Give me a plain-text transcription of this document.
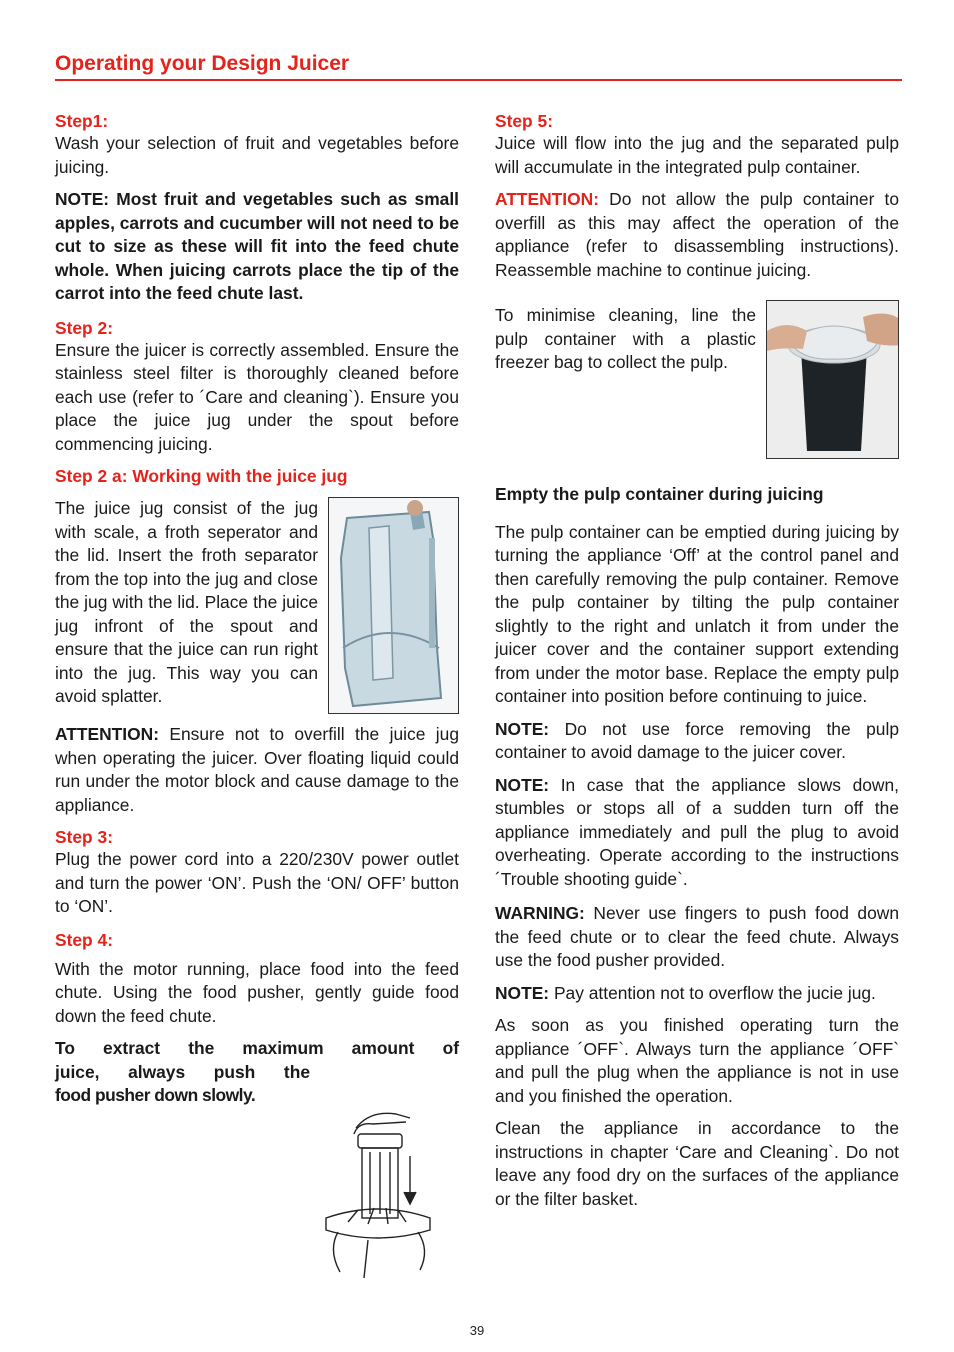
Operating your Design Juicer
Step1:
Wash your selection of fruit and vegetables before juicing.
NOTE: Most fruit and vegetables such as small apples, carrots and cucumber will not need to be cut to size as these will fit into the feed chute whole. When juicing carrots place the tip of the carrot into the feed chute last.
Step 2:
Ensure the juicer is correctly assembled. Ensure the stainless steel filter is thoroughly cleaned before each use (refer to ´Care and cleaning`). Ensure you place the juice jug under the spout before commencing juicing.
Step 2 a: Working with the juice jug
The juice jug consist of the jug with scale, a froth seperator and the lid. Insert the froth separator from the top into the jug and close the jug with the lid. Place the juice jug infront of the spout and ensure that the juice can run right into the jug. This way you can avoid splatter.
ATTENTION: Ensure not to overfill the juice jug when operating the juicer. Over floating liquid could run under the motor block and cause damage to the appliance.
Step 3:
Plug the power cord into a 220/230V power outlet and turn the power ‘ON’. Push the ‘ON/ OFF’ button to ‘ON’.
Step 4:
With the motor running, place food into the feed chute. Using the food pusher, gently guide food down the feed chute.
To extract the maximum amount of
juice, always push the
food pusher down slowly.
Step 5:
Juice will flow into the jug and the separated pulp will accumulate in the integrated pulp container.
ATTENTION: Do not allow the pulp container to overfill as this may affect the operation of the appliance (refer to disassembling instructions). Reassemble machine to continue juicing.
To minimise cleaning, line the pulp container with a plastic freezer bag to collect the pulp.
Empty the pulp container during juicing
The pulp container can be emptied during juicing by turning the appliance ‘Off’ at the control panel and then carefully removing the pulp container. Remove the pulp container by tilting the pulp container slightly to the right and unlatch it from under the juicer cover and the container support extending from under the motor base. Replace the empty pulp container into position before continuing to juice.
NOTE: Do not use force removing the pulp container to avoid damage to the juicer cover.
NOTE: In case that the appliance slows down, stumbles or stops all of a sudden turn off the appliance immediately and pull the plug to avoid overheating. Operate according to the instructions ´Trouble shooting guide`.
WARNING: Never use fingers to push food down the feed chute or to clear the feed chute. Always use the food pusher provided.
NOTE: Pay attention not to overflow the jucie jug.
As soon as you finished operating turn the appliance ´OFF`. Always turn the appliance ´OFF` and pull the plug when the appliance is not in use and you finished the operation.
Clean the appliance in accordance to the instructions in chapter ‘Care and Cleaning`. Do not leave any food dry on the surfaces of the appliance or the filter basket.
39
